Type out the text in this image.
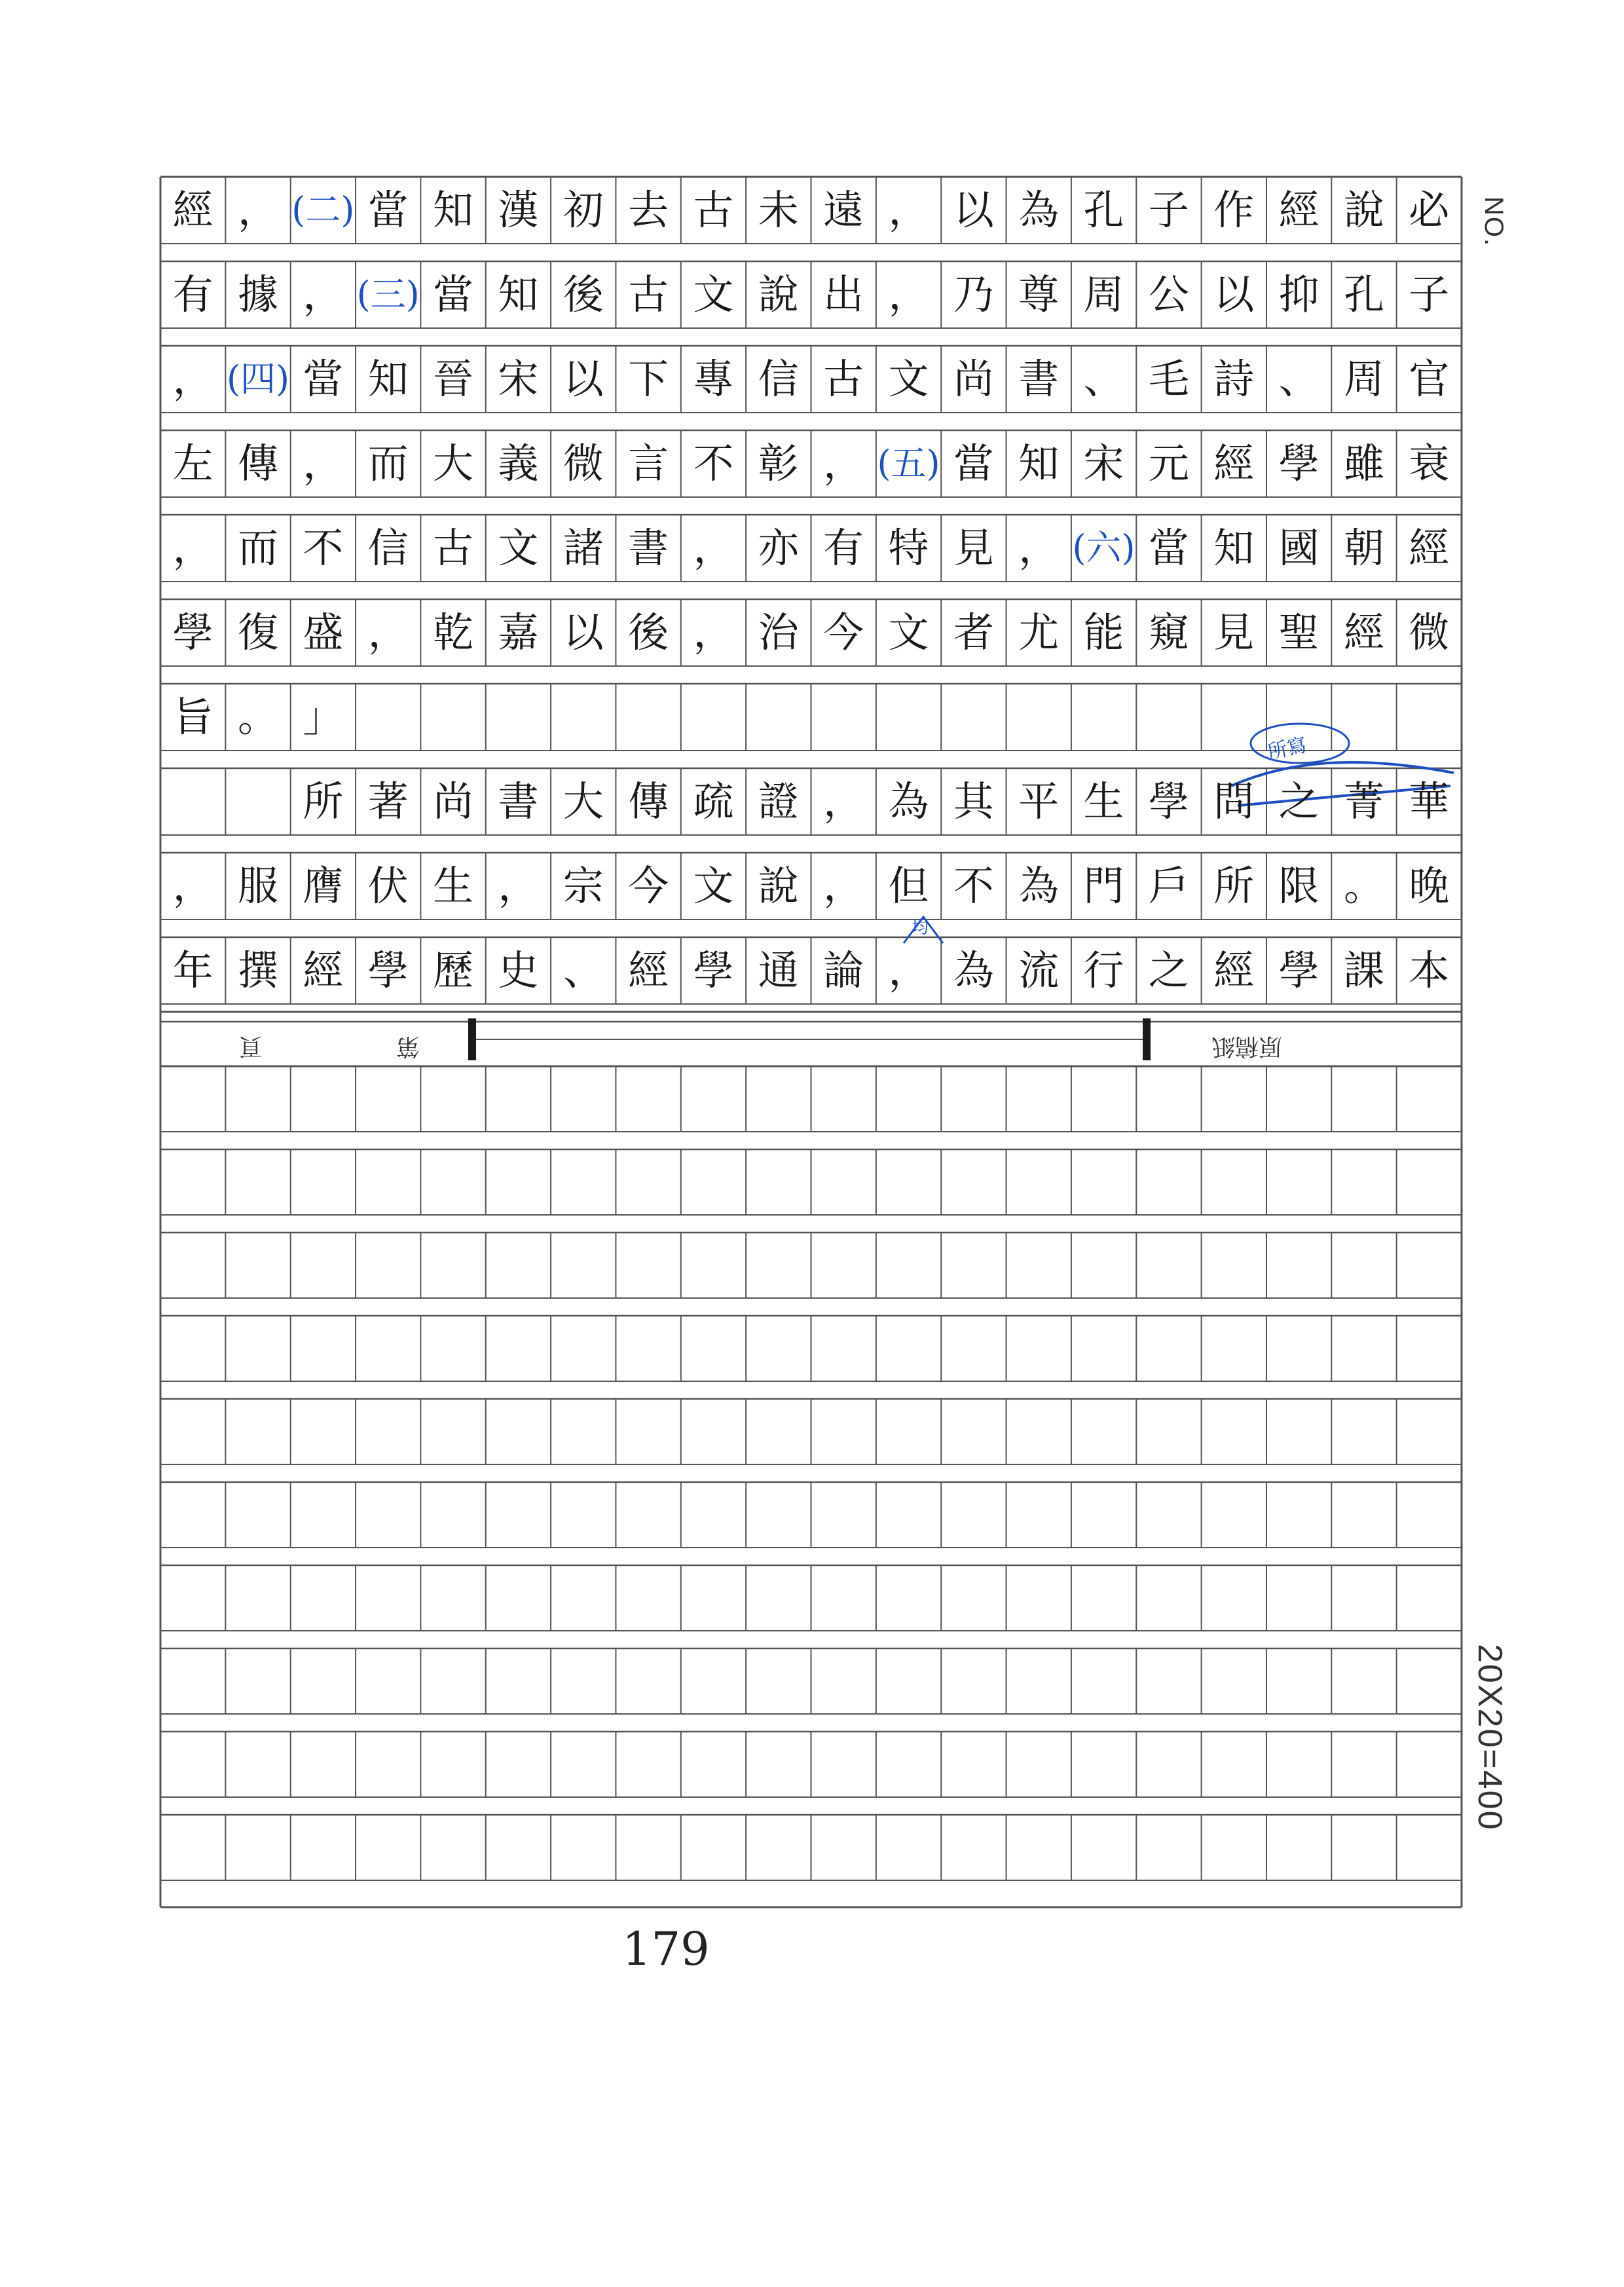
經 ， (二) 當 知 漢 初 去 古 未 遠 ， 以 為 孔 子 作 經 說 必
有 據 ， (三) 當 知 後 古 文 說 出 ， 乃 尊 周 公 以 抑 孔 子
， (四) 當 知 晉 宋 以 下 專 信 古 文 尚 書 、 毛 詩 、 周 官
左 傳 ， 而 大 義 微 言 不 彰 ， (五) 當 知 宋 元 經 學 雖 衰
， 而 不 信 古 文 諸 書 ， 亦 有 特 見 ， (六) 當 知 國 朝 經
學 復 盛 ， 乾 嘉 以 後 ， 治 今 文 者 尤 能 窺 見 聖 經 微
旨 。 」
所 著 尚 書 大 傳 疏 證 ， 為 其 平 生 學 問 之 菁 華
， 服 膺 伏 生 ， 宗 今 文 說 ， 但 不 為 門 戶 所 限 。 晚
年 撰 經 學 歷 史 、 經 學 通 論 ， 為 流 行 之 經 學 課 本
NO.
20X20=400
頁	第	原稿紙
所寫
均
179
